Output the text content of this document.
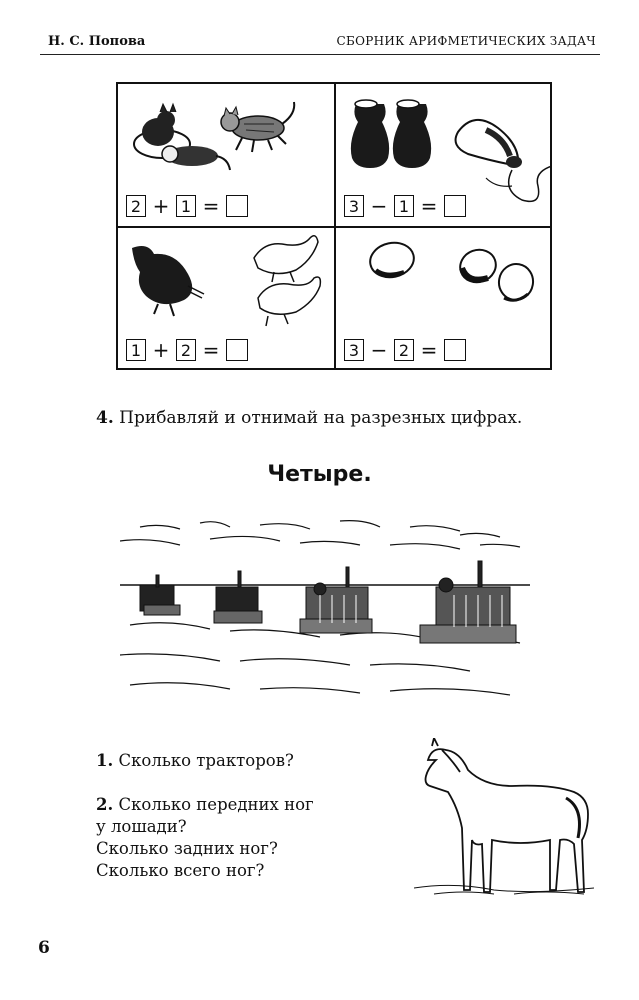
Н. С. Попова	СБОРНИК АРИФМЕТИЧЕСКИХ ЗАДАЧ
2 + 1 =	3 − 1 =
1 + 2 =	3 − 2 =
4. Прибавляй и отнимай на разрезных цифрах.
Четыре.
1. Сколько тракторов?
2. Сколько передних ног
у лошади?
Сколько задних ног?
Сколько всего ног?
6
